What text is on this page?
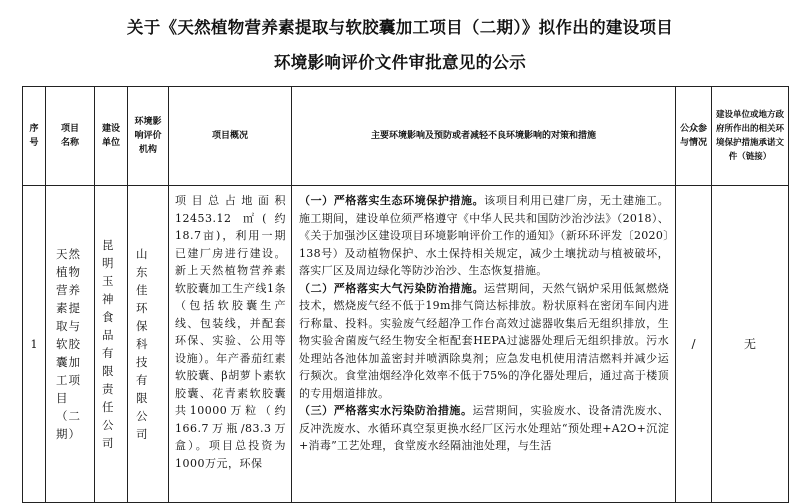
关于《天然植物营养素提取与软胶囊加工项目（二期）》拟作出的建设项目
环境影响评价文件审批意见的公示
序号	项目名称	建设单位	环境影响评价机构	项目概况	主要环境影响及预防或者减轻不良环境影响的对策和措施	公众参与情况	建设单位或地方政府所作出的相关环境保护措施承诺文件（链接）
1	天然植物营养素提取与软胶囊加工项目（二期）	昆明玉神食品有限责任公司	山东佳环保科技有限公司	项目总占地面积12453.12 ㎡(约18.7亩)，利用一期已建厂房进行建设。新上天然植物营养素软胶囊加工生产线1条（包括软胶囊生产线、包装线，并配套环保、实验、公用等设施）。年产番茄红素软胶囊、β胡萝卜素软胶囊、花青素软胶囊共10000万粒（约166.7万瓶/83.3万盒）。项目总投资为1000万元，环保	（一）严格落实生态环境保护措施。该项目利用已建厂房，无土建施工。施工期间，建设单位须严格遵守《中华人民共和国防沙治沙法》（2018）、《关于加强沙区建设项目环境影响评价工作的通知》（新环环评发〔2020〕138号）及动植物保护、水土保持相关规定，减少土壤扰动与植被破坏，落实厂区及周边绿化等防沙治沙、生态恢复措施。
（二）严格落实大气污染防治措施。运营期间，天然气锅炉采用低氮燃烧技术，燃烧废气经不低于19m排气筒达标排放。粉状原料在密闭车间内进行称量、投料。实验废气经超净工作台高效过滤器收集后无组织排放，生物实验舍菌废气经生物安全柜配套HEPA过滤器处理后无组织排放。污水处理站各池体加盖密封并喷洒除臭剂；应急发电机使用清洁燃料并减少运行频次。食堂油烟经净化效率不低于75%的净化器处理后，通过高于楼顶的专用烟道排放。
（三）严格落实水污染防治措施。运营期间，实验废水、设备清洗废水、反冲洗废水、水循环真空泵更换水经厂区污水处理站“预处理+A2O+沉淀+消毒”工艺处理，食堂废水经隔油池处理，与生活	/	无
